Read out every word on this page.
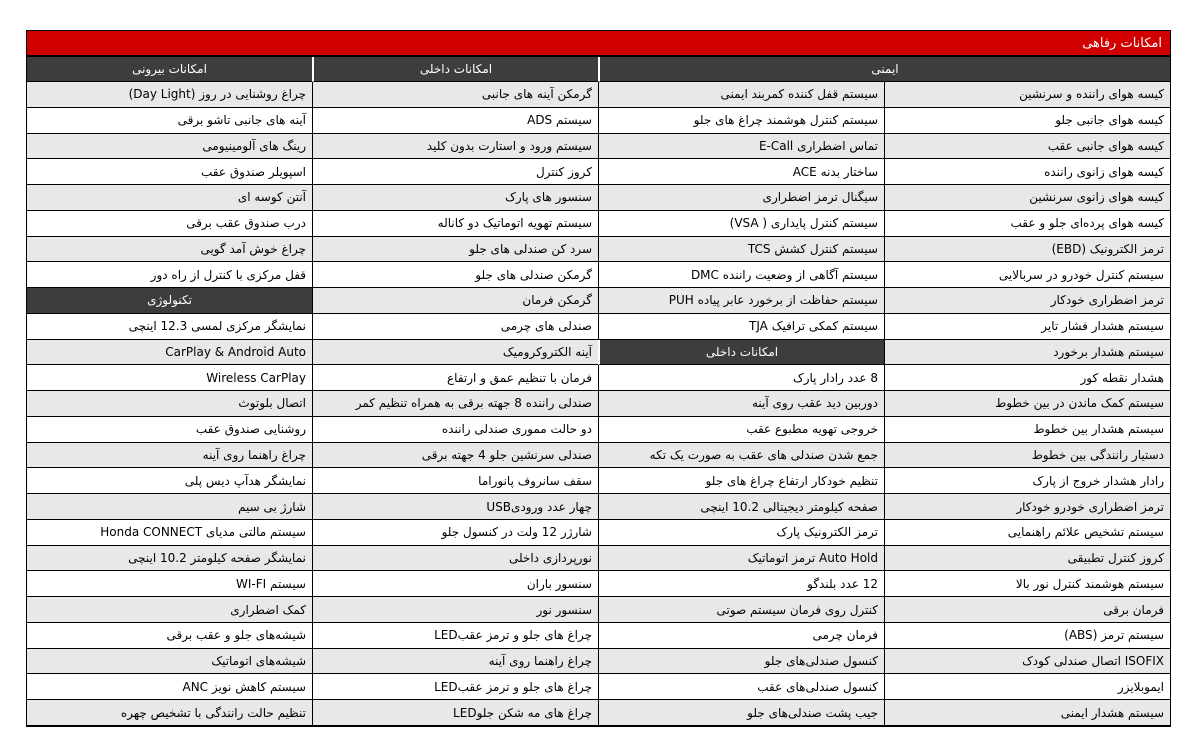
امکانات رفاهی
ایمنی
امکانات داخلی
امکانات بیرونی
کیسه هوای راننده و سرنشین
کیسه هوای جانبی جلو
کیسه هوای جانبی عقب
کیسه هوای زانوی راننده
کیسه هوای زانوی سرنشین
کیسه هوای پرده‌ای جلو و عقب
ترمز الکترونیک (EBD)
سیستم کنترل خودرو در سربالایی
ترمز اضطراری خودکار
سیستم هشدار فشار تایر
سیستم هشدار برخورد
هشدار نقطه کور
سیستم کمک ماندن در بین خطوط
سیستم هشدار بین خطوط
دستیار رانندگی بین خطوط
رادار هشدار خروج از پارک
ترمز اضطراری خودرو خودکار
سیستم تشخیص علائم راهنمایی
کروز کنترل تطبیقی
سیستم هوشمند کنترل نور بالا
فرمان برقی
سیستم ترمز (ABS)
ISOFIX اتصال صندلی کودک
ایموبلایزر
سیستم هشدار ایمنی
سیستم قفل کننده کمربند ایمنی
سیستم کنترل هوشمند چراغ های جلو
تماس اضطراری E-Call
ساختار بدنه ACE
سیگنال ترمز اضطراری
سیستم کنترل پایداری ( VSA)
سیستم کنترل کشش TCS
سیستم آگاهی از وضعیت راننده DMC
سیستم حفاظت از برخورد عابر پیاده PUH
سیستم کمکی ترافیک TJA
امکانات داخلی
8 عدد رادار پارک
دوربین دید عقب روی آینه
خروجی تهویه مطبوع عقب
جمع شدن صندلی های عقب به صورت یک تکه
تنظیم خودکار ارتفاع چراغ های جلو
صفحه کیلومتر دیجیتالی 10.2 اینچی
ترمز الکترونیک پارک
Auto Hold ترمز اتوماتیک
12 عدد بلندگو
کنترل روی فرمان سیستم صوتی
فرمان چرمی
کنسول صندلی‌های جلو
کنسول صندلی‌های عقب
جیب پشت صندلی‌های جلو
گرمکن آینه های جانبی
سیستم ADS
سیستم ورود و استارت بدون کلید
کروز کنترل
سنسور های پارک
سیستم تهویه اتوماتیک دو کاناله
سرد کن صندلی های جلو
گرمکن صندلی های جلو
گرمکن فرمان
صندلی های چرمی
آینه الکتروکرومیک
فرمان با تنظیم عمق و ارتفاع
صندلی راننده 8 جهته برقی به همراه تنظیم کمر
دو حالت مموری صندلی راننده
صندلی سرنشین جلو 4 جهته برقی
سقف سانروف پانوراما
چهار عدد ورودیUSB
شارژر 12 ولت در کنسول جلو
نورپردازی داخلی
سنسور باران
سنسور نور
چراغ های جلو و ترمز عقبLED
چراغ راهنما روی آینه
چراغ های جلو و ترمز عقبLED
چراغ های مه شکن جلوLED
چراغ روشنایی در روز (Day Light)
آینه های جانبی تاشو برقی
رینگ های آلومینیومی
اسپویلر صندوق عقب
آنتن کوسه ای
درب صندوق عقب برقی
چراغ خوش آمد گویی
قفل مرکزی با کنترل از راه دور
تکنولوژی
نمایشگر مرکزی لمسی 12.3 اینچی
CarPlay & Android Auto
Wireless CarPlay
اتصال بلوتوث
روشنایی صندوق عقب
چراغ راهنما روی آینه
نمایشگر هدآپ دیس پلی
شارژ بی سیم
سیستم مالتی مدیای Honda CONNECT
نمایشگر صفحه کیلومتر 10.2 اینچی
سیستم WI-FI
کمک اضطراری
شیشه‌های جلو و عقب برقی
شیشه‌های اتوماتیک
سیستم کاهش نویز ANC
تنظیم حالت رانندگی با تشخیص چهره
